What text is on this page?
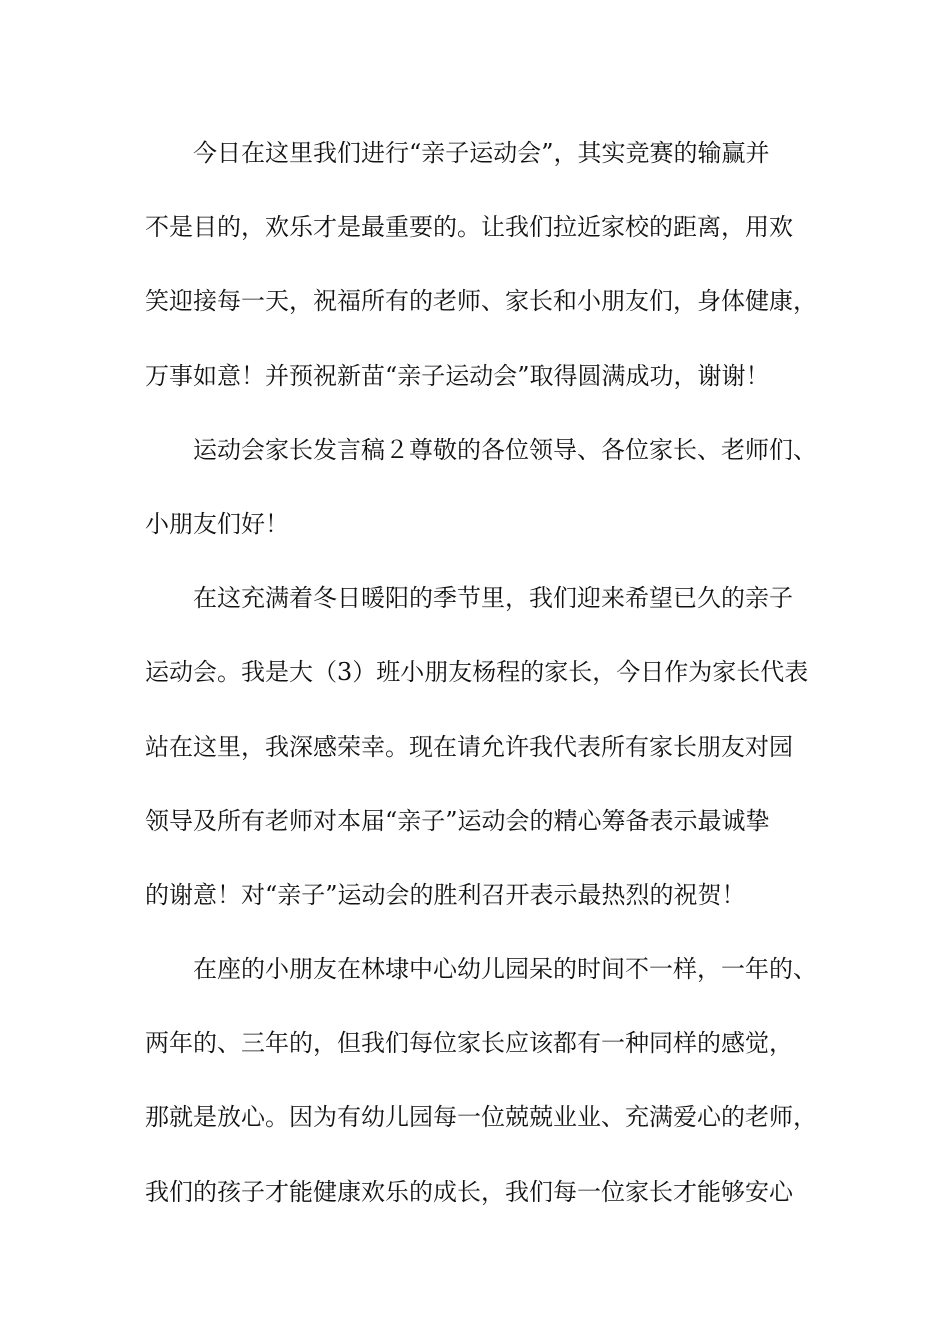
今日在这里我们进行“亲子运动会”，其实竞赛的输赢并
不是目的，欢乐才是最重要的。让我们拉近家校的距离，用欢
笑迎接每一天，祝福所有的老师、家长和小朋友们，身体健康，
万事如意！并预祝新苗“亲子运动会”取得圆满成功，谢谢！
运动会家长发言稿２尊敬的各位领导、各位家长、老师们、
小朋友们好！
在这充满着冬日暖阳的季节里，我们迎来希望已久的亲子
运动会。我是大（3）班小朋友杨程的家长，今日作为家长代表
站在这里，我深感荣幸。现在请允许我代表所有家长朋友对园
领导及所有老师对本届“亲子”运动会的精心筹备表示最诚挚
的谢意！对“亲子”运动会的胜利召开表示最热烈的祝贺！
在座的小朋友在林埭中心幼儿园呆的时间不一样，一年的、
两年的、三年的，但我们每位家长应该都有一种同样的感觉，
那就是放心。因为有幼儿园每一位兢兢业业、充满爱心的老师，
我们的孩子才能健康欢乐的成长，我们每一位家长才能够安心
